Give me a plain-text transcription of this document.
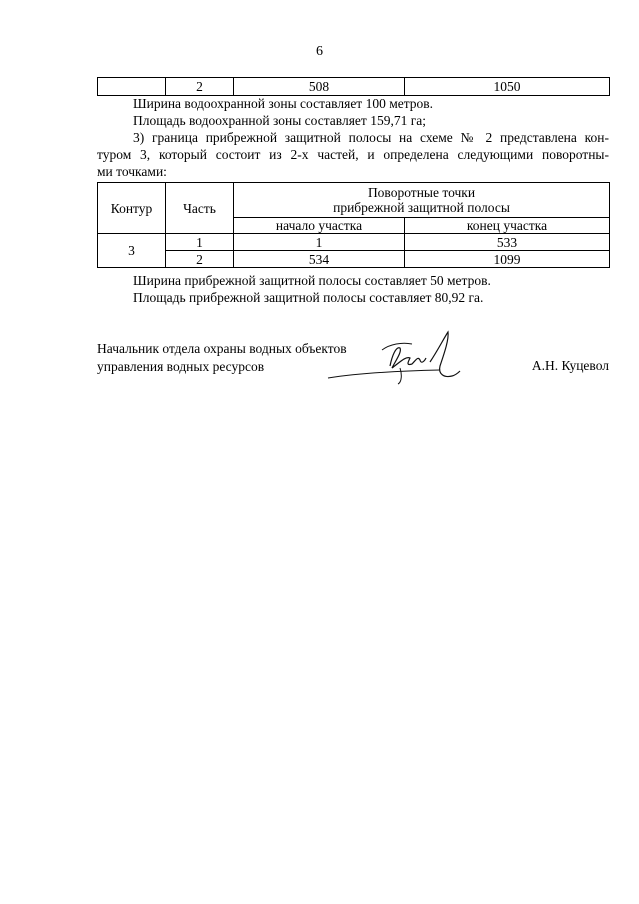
6
	2	508	1050
Ширина водоохранной зоны составляет 100 метров.
Площадь водоохранной зоны составляет 159,71 га;
3) граница прибрежной защитной полосы на схеме № 2 представлена кон-
туром 3, который состоит из 2-х частей, и определена следующими поворотны-
ми точками:
Контур	Часть	Поворотные точки
прибрежной защитной полосы	

		начало участка	конец участка
3	1	1	533
	2	534	1099
Ширина прибрежной защитной полосы составляет 50 метров.
Площадь прибрежной защитной полосы составляет 80,92 га.
Начальник отдела охраны водных объектов
управления водных ресурсов	А.Н. Куцевол
